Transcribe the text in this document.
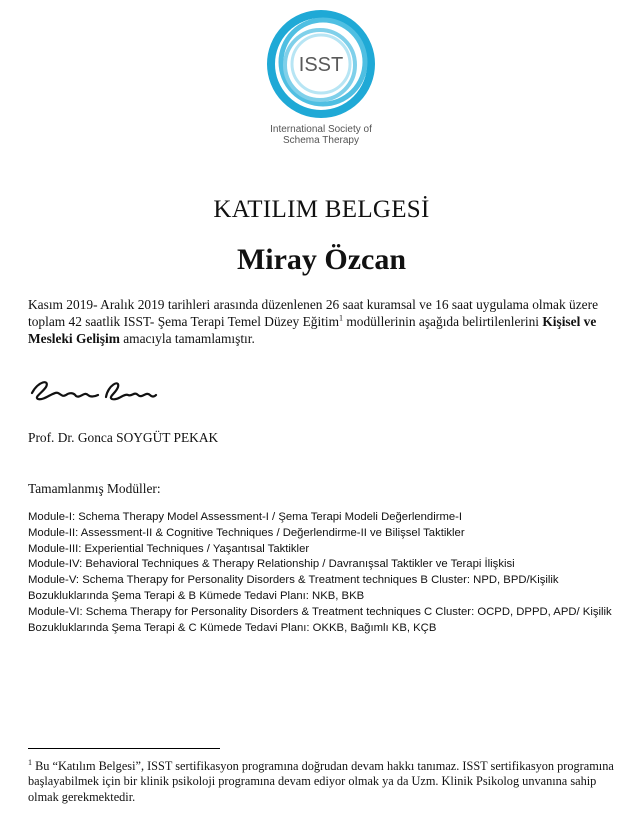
ISST
International Society of
Schema Therapy
KATILIM BELGESİ
Miray Özcan
Kasım 2019- Aralık 2019 tarihleri arasında düzenlenen 26 saat kuramsal ve 16 saat uygulama olmak üzere toplam 42 saatlik ISST- Şema Terapi Temel Düzey Eğitim$^1$ modüllerinin aşağıda belirtilenlerini Kişisel ve Mesleki Gelişim amacıyla tamamlamıştır.
Prof. Dr. Gonca SOYGÜT PEKAK
Tamamlanmış Modüller:
Module-I: Schema Therapy Model Assessment-I / Şema Terapi Modeli Değerlendirme-I
Module-II: Assessment-II & Cognitive Techniques / Değerlendirme-II ve Bilişsel Taktikler
Module-III: Experiential Techniques / Yaşantısal Taktikler
Module-IV: Behavioral Techniques & Therapy Relationship / Davranışsal Taktikler ve Terapi İlişkisi
Module-V: Schema Therapy for Personality Disorders & Treatment techniques B Cluster: NPD, BPD/Kişilik Bozukluklarında Şema Terapi & B Kümede Tedavi Planı: NKB, BKB
Module-VI: Schema Therapy for Personality Disorders & Treatment techniques C Cluster: OCPD, DPPD, APD/ Kişilik Bozukluklarında Şema Terapi & C Kümede Tedavi Planı: OKKB, Bağımlı KB, KÇB
$^1$ Bu “Katılım Belgesi”, ISST sertifikasyon programına doğrudan devam hakkı tanımaz. ISST sertifikasyon programına başlayabilmek için bir klinik psikoloji programına devam ediyor olmak ya da Uzm. Klinik Psikolog unvanına sahip olmak gerekmektedir.
